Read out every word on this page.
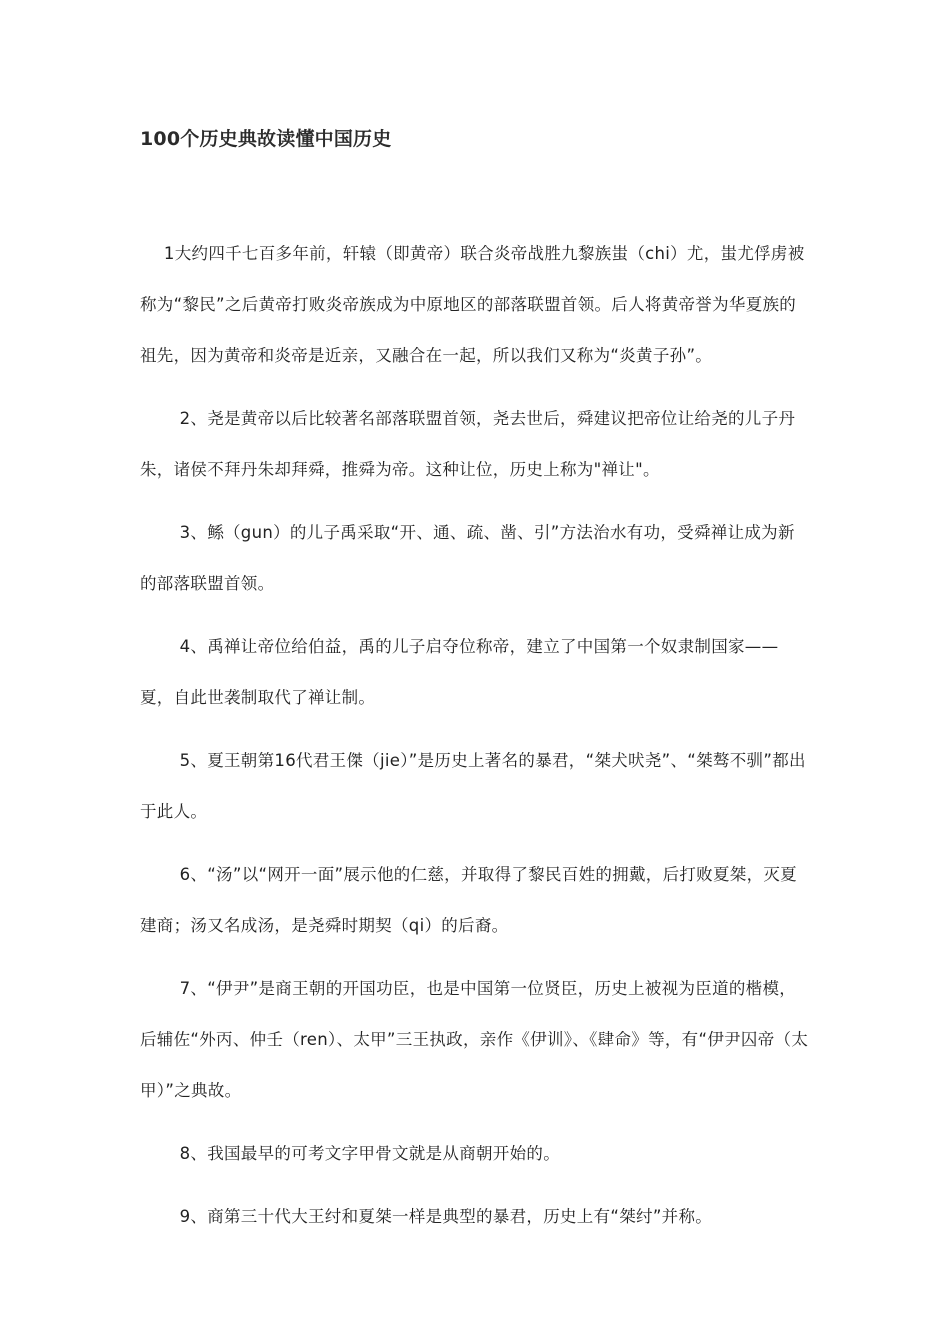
100个历史典故读懂中国历史

1大约四千七百多年前，轩辕（即黄帝）联合炎帝战胜九黎族蚩（chi）尤，蚩尤俘虏被称为“黎民”之后黄帝打败炎帝族成为中原地区的部落联盟首领。后人将黄帝誉为华夏族的祖先，因为黄帝和炎帝是近亲，又融合在一起，所以我们又称为“炎黄子孙”。

2、尧是黄帝以后比较著名部落联盟首领，尧去世后，舜建议把帝位让给尧的儿子丹朱，诸侯不拜丹朱却拜舜，推舜为帝。这种让位，历史上称为"禅让"。

3、鲧（gun）的儿子禹采取“开、通、疏、凿、引”方法治水有功，受舜禅让成为新的部落联盟首领。

4、禹禅让帝位给伯益，禹的儿子启夺位称帝，建立了中国第一个奴隶制国家——夏，自此世袭制取代了禅让制。

5、夏王朝第16代君王傑（jie）”是历史上著名的暴君，“桀犬吠尧”、“桀骜不驯”都出于此人。

6、“汤”以“网开一面”展示他的仁慈，并取得了黎民百姓的拥戴，后打败夏桀，灭夏建商；汤又名成汤，是尧舜时期契（qi）的后裔。

7、“伊尹”是商王朝的开国功臣，也是中国第一位贤臣，历史上被视为臣道的楷模，后辅佐“外丙、仲壬（ren）、太甲”三王执政，亲作《伊训》、《肆命》等，有“伊尹囚帝（太甲）”之典故。

8、我国最早的可考文字甲骨文就是从商朝开始的。

9、商第三十代大王纣和夏桀一样是典型的暴君，历史上有“桀纣”并称。
